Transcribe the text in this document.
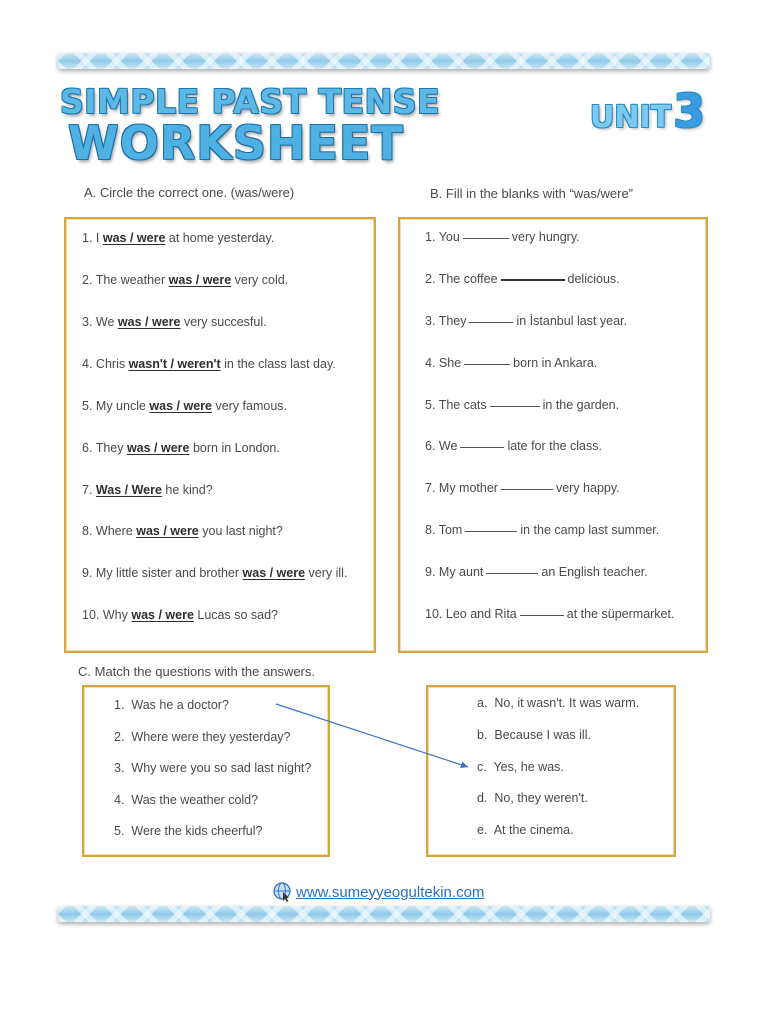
SIMPLE PAST TENSE
WORKSHEET	UNIT3
A. Circle the correct one. (was/were)
1. I was / were at home yesterday.
2. The weather was / were very cold.
3. We was / were very succesful.
4. Chris wasn't / weren't in the class last day.
5. My uncle was / were very famous.
6. They was / were born in London.
7. Was / Were he kind?
8. Where was / were you last night?
9. My little sister and brother was / were very ill.
10. Why was / were Lucas so sad?
B. Fill in the blanks with “was/were”
1. You	very hungry.
2. The coffee	delicious.
3. They	in İstanbul last year.
4. She	born in Ankara.
5. The cats	in the garden.
6. We	late for the class.
7. My mother	very happy.
8. Tom	in the camp last summer.
9. My aunt	an English teacher.
10. Leo and Rita	at the süpermarket.
C. Match the questions with the answers.
1. Was he a doctor?
2. Where were they yesterday?
3. Why were you so sad last night?
4. Was the weather cold?
5. Were the kids cheerful?
a. No, it wasn't. It was warm.
b. Because I was ill.
c. Yes, he was.
d. No, they weren't.
e. At the cinema.
www.sumeyyeogultekin.com
